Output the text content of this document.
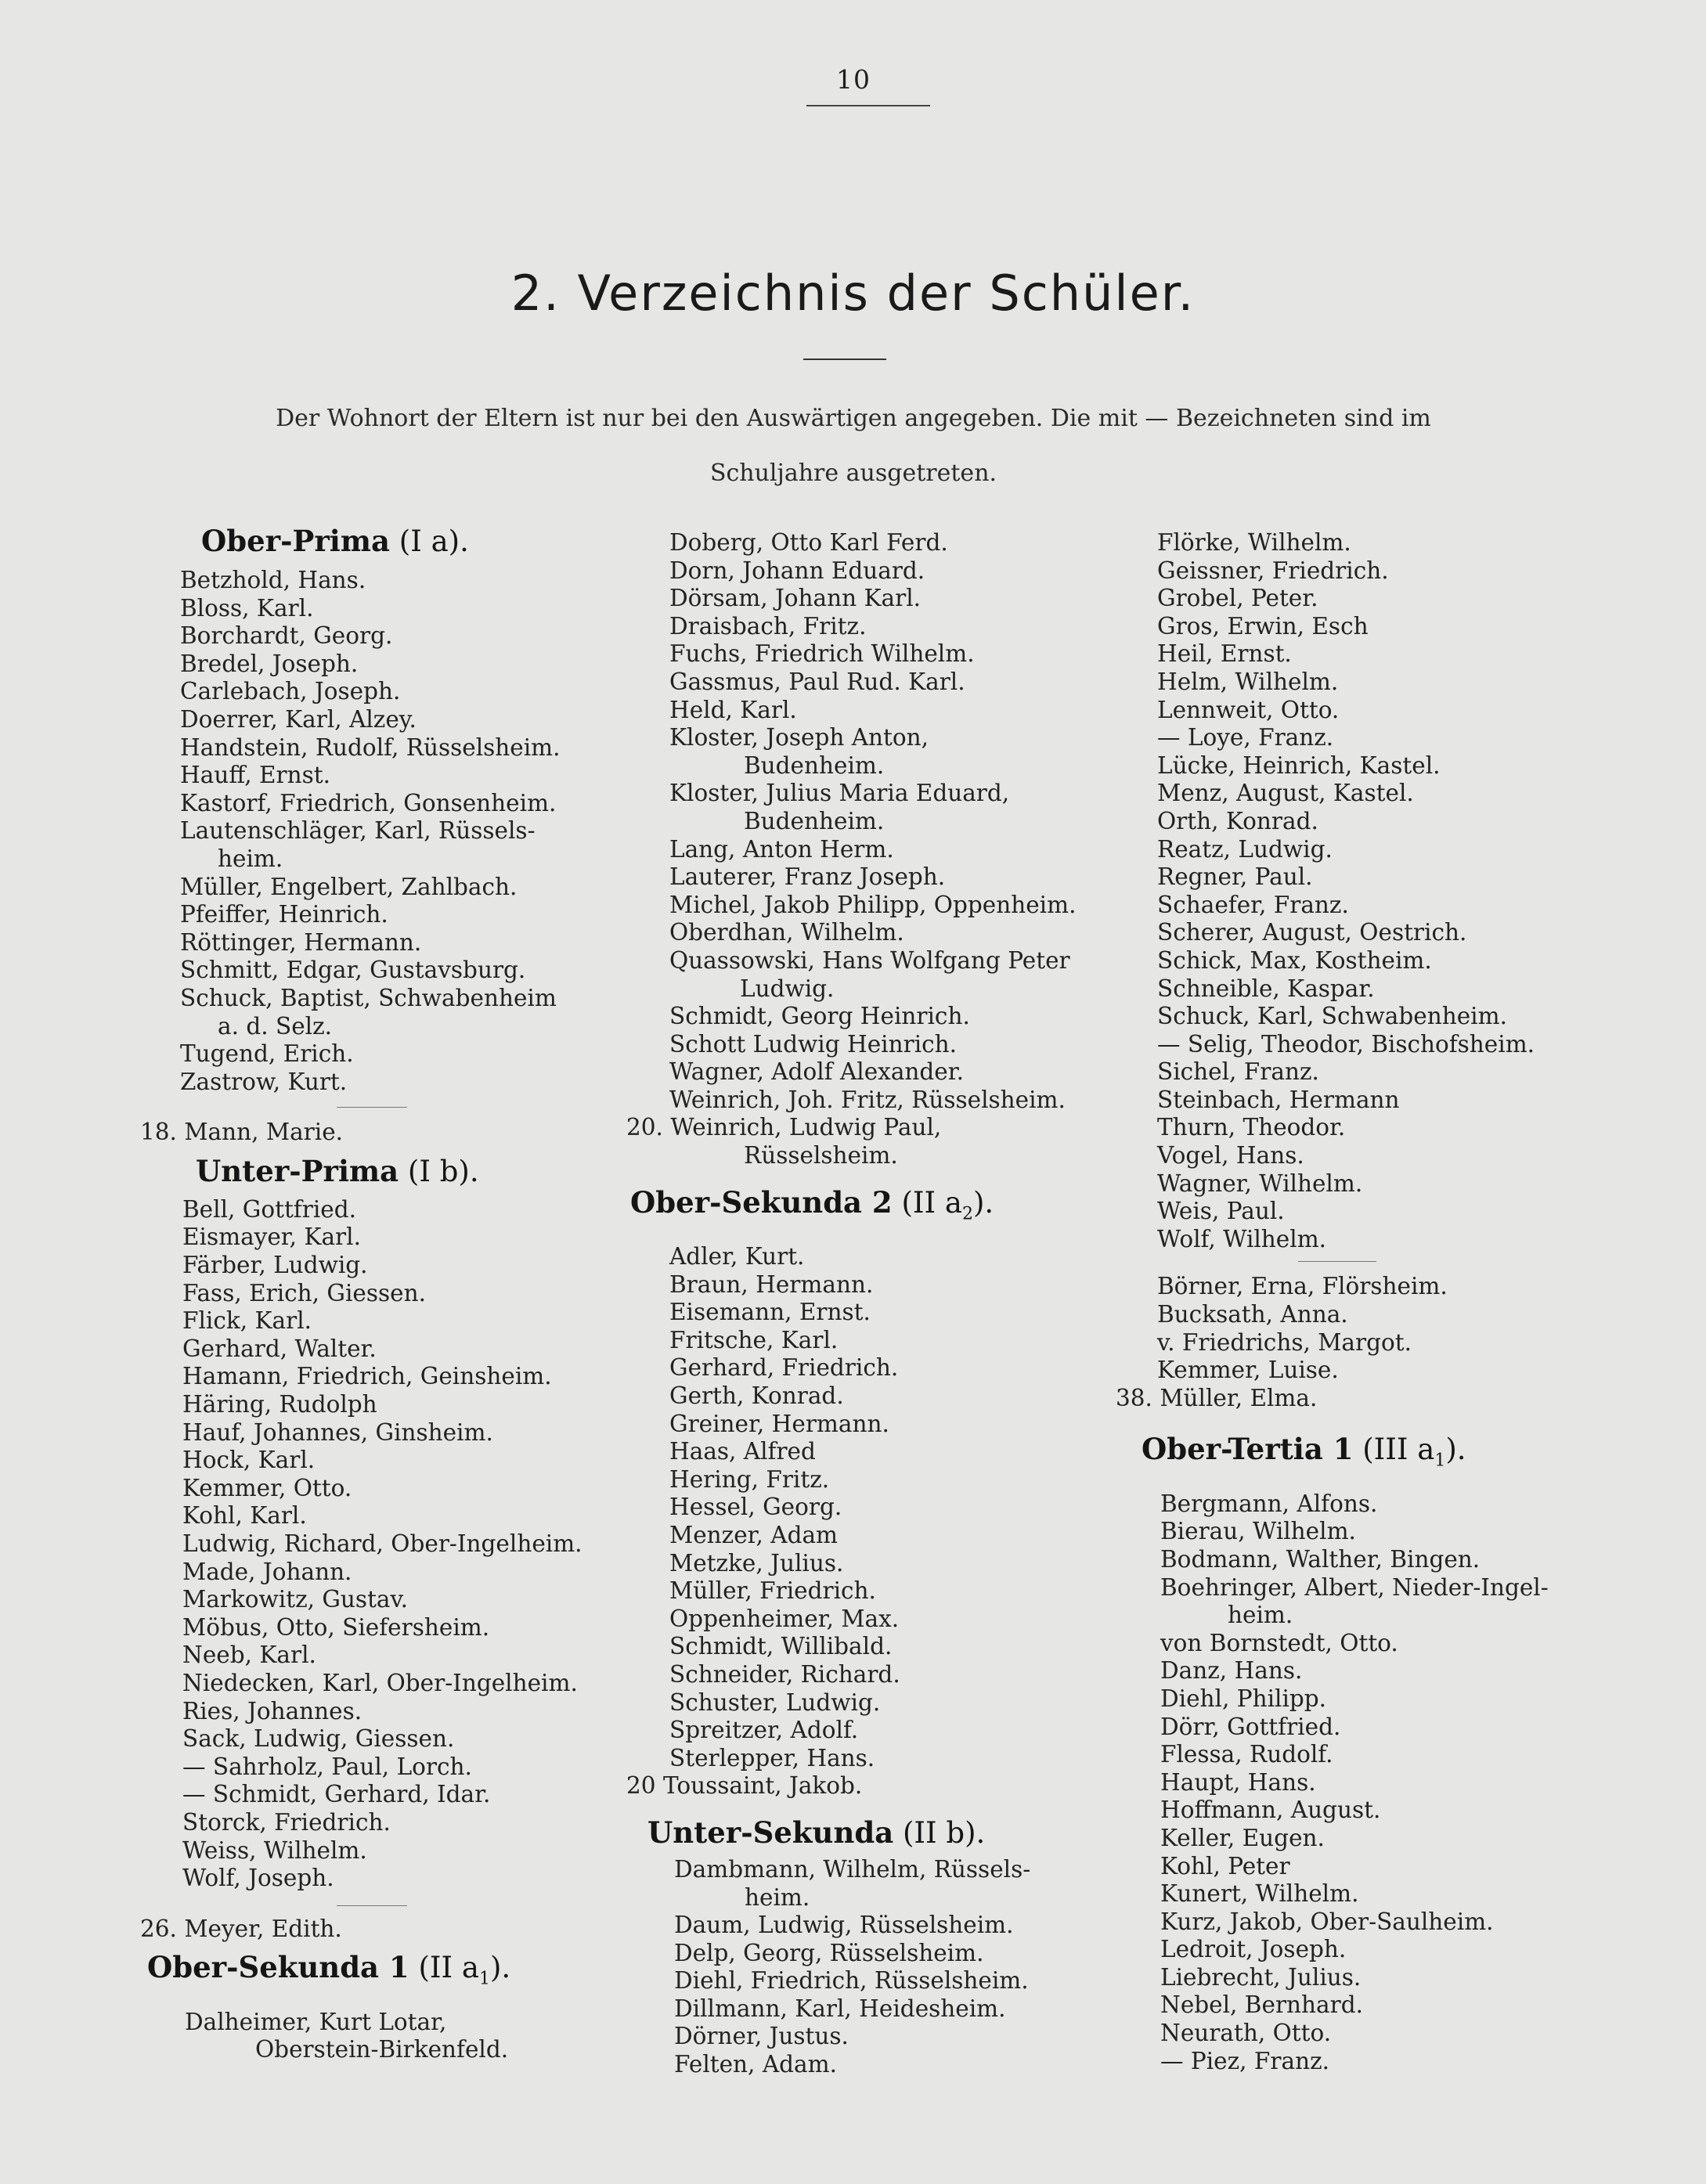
10
2. Verzeichnis der Schüler.
Der Wohnort der Eltern ist nur bei den Auswärtigen angegeben. Die mit — Bezeichneten sind im
Schuljahre ausgetreten.
Ober-Prima (I a).
Betzhold, Hans.
Bloss, Karl.
Borchardt, Georg.
Bredel, Joseph.
Carlebach, Joseph.
Doerrer, Karl, Alzey.
Handstein, Rudolf, Rüsselsheim.
Hauff, Ernst.
Kastorf, Friedrich, Gonsenheim.
Lautenschläger, Karl, Rüssels-
heim.
Müller, Engelbert, Zahlbach.
Pfeiffer, Heinrich.
Röttinger, Hermann.
Schmitt, Edgar, Gustavsburg.
Schuck, Baptist, Schwabenheim
a. d. Selz.
Tugend, Erich.
Zastrow, Kurt.
18. Mann, Marie.
Unter-Prima (I b).
Bell, Gottfried.
Eismayer, Karl.
Färber, Ludwig.
Fass, Erich, Giessen.
Flick, Karl.
Gerhard, Walter.
Hamann, Friedrich, Geinsheim.
Häring, Rudolph
Hauf, Johannes, Ginsheim.
Hock, Karl.
Kemmer, Otto.
Kohl, Karl.
Ludwig, Richard, Ober-Ingelheim.
Made, Johann.
Markowitz, Gustav.
Möbus, Otto, Siefersheim.
Neeb, Karl.
Niedecken, Karl, Ober-Ingelheim.
Ries, Johannes.
Sack, Ludwig, Giessen.
— Sahrholz, Paul, Lorch.
— Schmidt, Gerhard, Idar.
Storck, Friedrich.
Weiss, Wilhelm.
Wolf, Joseph.
26. Meyer, Edith.
Ober-Sekunda 1 (II $a_1$).
Dalheimer, Kurt Lotar,
Oberstein-Birkenfeld.
Doberg, Otto Karl Ferd.
Dorn, Johann Eduard.
Dörsam, Johann Karl.
Draisbach, Fritz.
Fuchs, Friedrich Wilhelm.
Gassmus, Paul Rud. Karl.
Held, Karl.
Kloster, Joseph Anton,
Budenheim.
Kloster, Julius Maria Eduard,
Budenheim.
Lang, Anton Herm.
Lauterer, Franz Joseph.
Michel, Jakob Philipp, Oppenheim.
Oberdhan, Wilhelm.
Quassowski, Hans Wolfgang Peter
Ludwig.
Schmidt, Georg Heinrich.
Schott Ludwig Heinrich.
Wagner, Adolf Alexander.
Weinrich, Joh. Fritz, Rüsselsheim.
20. Weinrich, Ludwig Paul,
Rüsselsheim.
Ober-Sekunda 2 (II $a_2$).
Adler, Kurt.
Braun, Hermann.
Eisemann, Ernst.
Fritsche, Karl.
Gerhard, Friedrich.
Gerth, Konrad.
Greiner, Hermann.
Haas, Alfred
Hering, Fritz.
Hessel, Georg.
Menzer, Adam
Metzke, Julius.
Müller, Friedrich.
Oppenheimer, Max.
Schmidt, Willibald.
Schneider, Richard.
Schuster, Ludwig.
Spreitzer, Adolf.
Sterlepper, Hans.
20 Toussaint, Jakob.
Unter-Sekunda (II b).
Dambmann, Wilhelm, Rüssels-
heim.
Daum, Ludwig, Rüsselsheim.
Delp, Georg, Rüsselsheim.
Diehl, Friedrich, Rüsselsheim.
Dillmann, Karl, Heidesheim.
Dörner, Justus.
Felten, Adam.
Flörke, Wilhelm.
Geissner, Friedrich.
Grobel, Peter.
Gros, Erwin, Esch
Heil, Ernst.
Helm, Wilhelm.
Lennweit, Otto.
— Loye, Franz.
Lücke, Heinrich, Kastel.
Menz, August, Kastel.
Orth, Konrad.
Reatz, Ludwig.
Regner, Paul.
Schaefer, Franz.
Scherer, August, Oestrich.
Schick, Max, Kostheim.
Schneible, Kaspar.
Schuck, Karl, Schwabenheim.
— Selig, Theodor, Bischofsheim.
Sichel, Franz.
Steinbach, Hermann
Thurn, Theodor.
Vogel, Hans.
Wagner, Wilhelm.
Weis, Paul.
Wolf, Wilhelm.
Börner, Erna, Flörsheim.
Bucksath, Anna.
v. Friedrichs, Margot.
Kemmer, Luise.
38. Müller, Elma.
Ober-Tertia 1 (III $a_1$).
Bergmann, Alfons.
Bierau, Wilhelm.
Bodmann, Walther, Bingen.
Boehringer, Albert, Nieder-Ingel-
heim.
von Bornstedt, Otto.
Danz, Hans.
Diehl, Philipp.
Dörr, Gottfried.
Flessa, Rudolf.
Haupt, Hans.
Hoffmann, August.
Keller, Eugen.
Kohl, Peter
Kunert, Wilhelm.
Kurz, Jakob, Ober-Saulheim.
Ledroit, Joseph.
Liebrecht, Julius.
Nebel, Bernhard.
Neurath, Otto.
— Piez, Franz.
